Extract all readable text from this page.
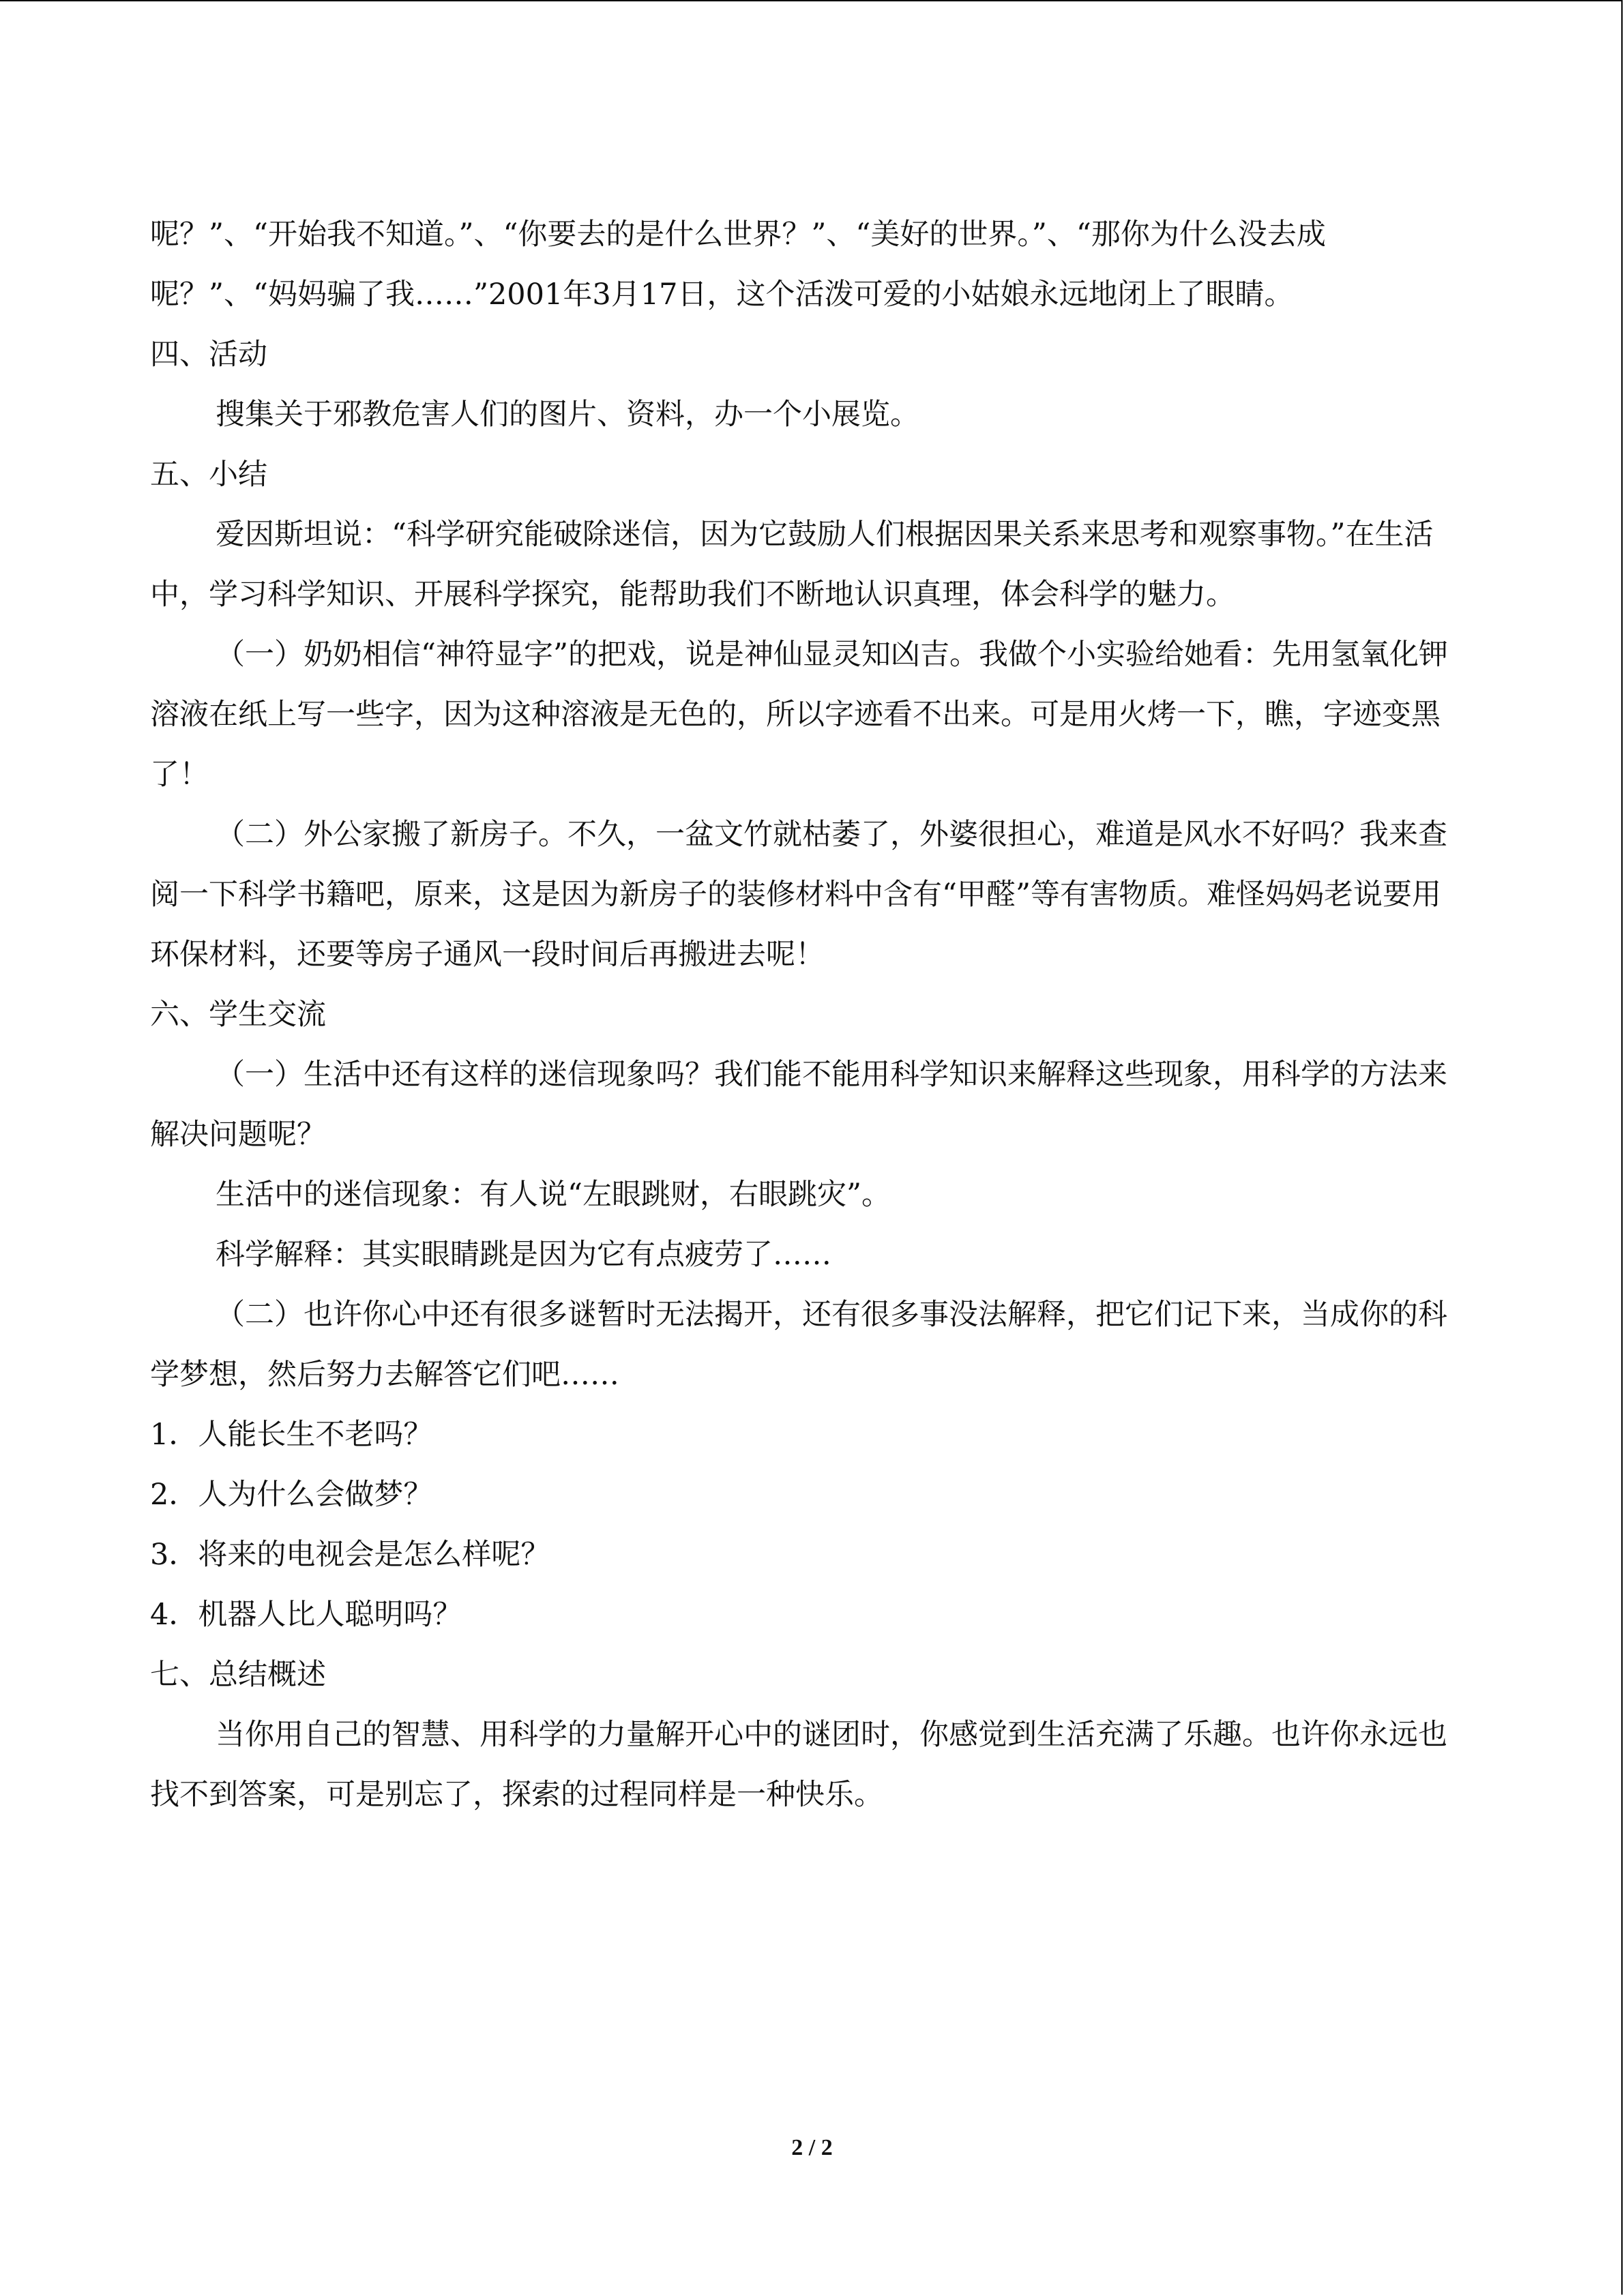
呢？”、“开始我不知道。”、“你要去的是什么世界？”、“美好的世界。”、“那你为什么没去成呢？”、“妈妈骗了我……”2001年3月17日，这个活泼可爱的小姑娘永远地闭上了眼睛。

四、活动

搜集关于邪教危害人们的图片、资料，办一个小展览。

五、小结

爱因斯坦说：“科学研究能破除迷信，因为它鼓励人们根据因果关系来思考和观察事物。”在生活中，学习科学知识、开展科学探究，能帮助我们不断地认识真理，体会科学的魅力。

（一）奶奶相信“神符显字”的把戏，说是神仙显灵知凶吉。我做个小实验给她看：先用氢氧化钾溶液在纸上写一些字，因为这种溶液是无色的，所以字迹看不出来。可是用火烤一下，瞧，字迹变黑了！

（二）外公家搬了新房子。不久，一盆文竹就枯萎了，外婆很担心，难道是风水不好吗？我来查阅一下科学书籍吧，原来，这是因为新房子的装修材料中含有“甲醛”等有害物质。难怪妈妈老说要用环保材料，还要等房子通风一段时间后再搬进去呢！

六、学生交流

（一）生活中还有这样的迷信现象吗？我们能不能用科学知识来解释这些现象，用科学的方法来解决问题呢？

生活中的迷信现象：有人说“左眼跳财，右眼跳灾”。

科学解释：其实眼睛跳是因为它有点疲劳了……

（二）也许你心中还有很多谜暂时无法揭开，还有很多事没法解释，把它们记下来，当成你的科学梦想，然后努力去解答它们吧……

1．人能长生不老吗？

2．人为什么会做梦？

3．将来的电视会是怎么样呢？

4．机器人比人聪明吗？

七、总结概述

当你用自己的智慧、用科学的力量解开心中的谜团时，你感觉到生活充满了乐趣。也许你永远也找不到答案，可是别忘了，探索的过程同样是一种快乐。

2 / 2
